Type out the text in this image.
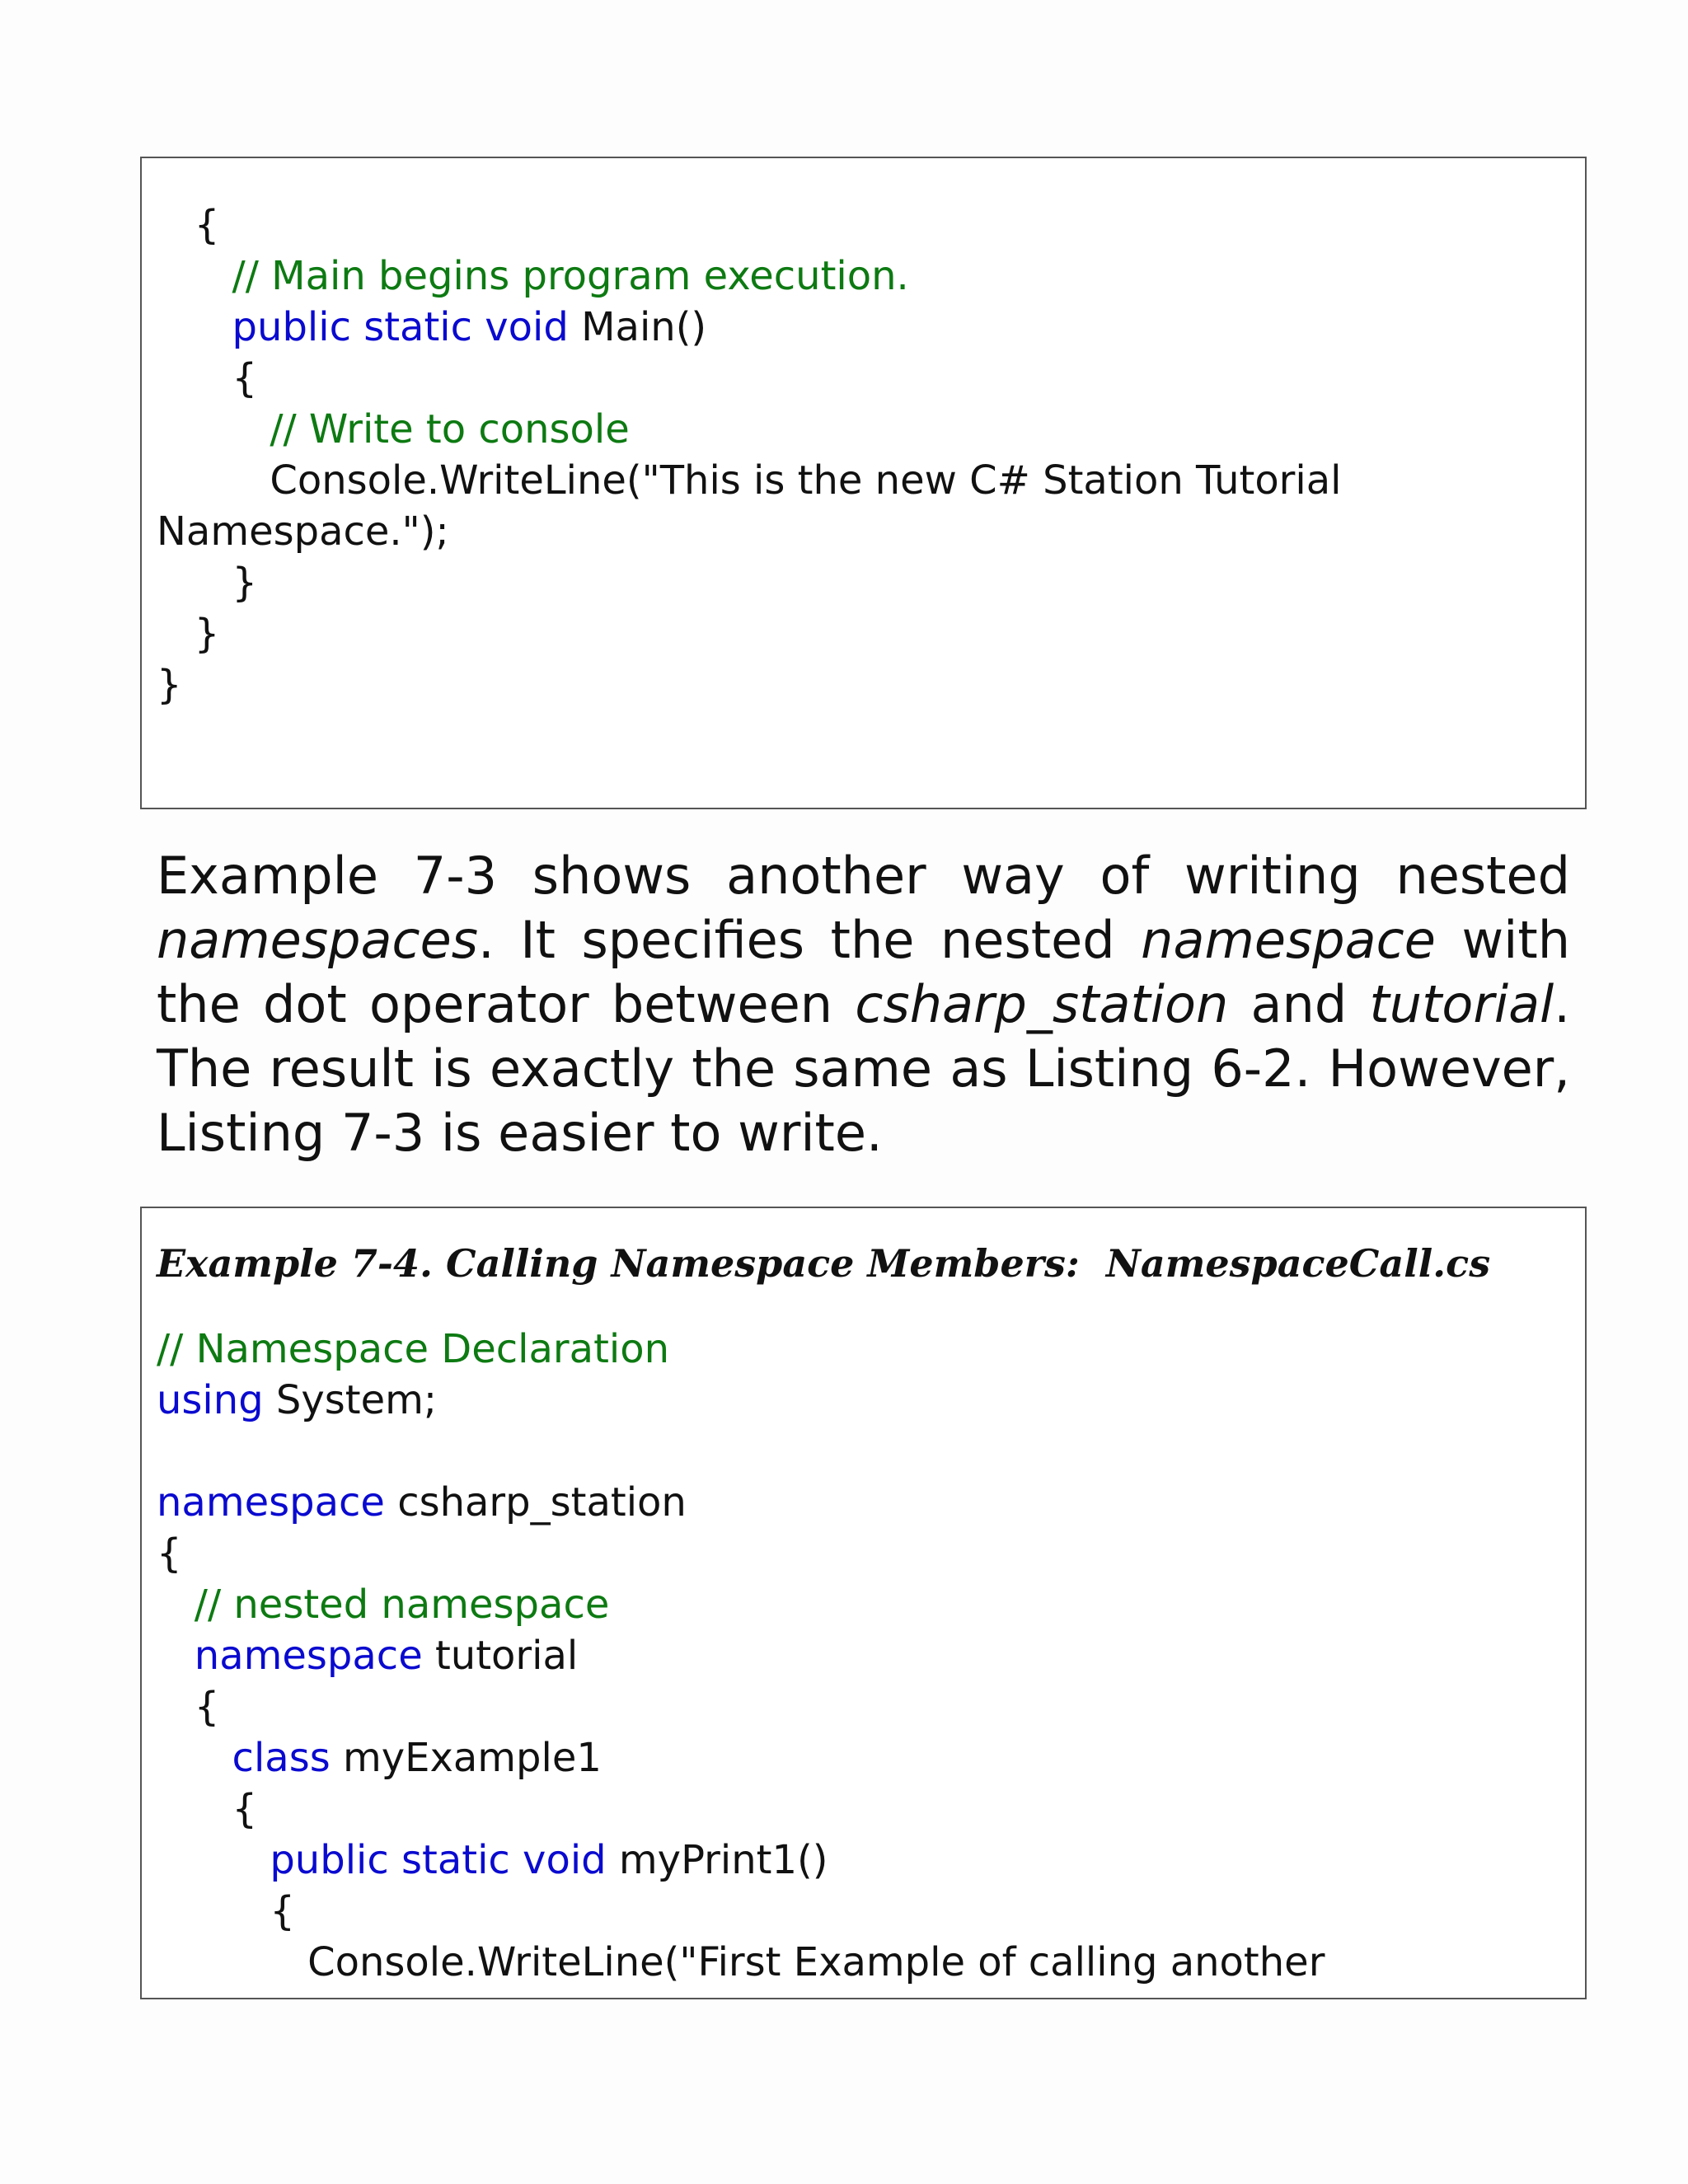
{
// Main begins program execution.
public static void Main()
{
// Write to console
Console.WriteLine("This is the new C# Station Tutorial
Namespace.");
}
}
}
Example 7-3 shows another way of writing nested namespaces. It specifies the nested namespace with the dot operator between csharp_station and tutorial. The result is exactly the same as Listing 6-2. However, Listing 7-3 is easier to write.
Example 7-4. Calling Namespace Members:  NamespaceCall.cs
// Namespace Declaration
using System;
namespace csharp_station
{
// nested namespace
namespace tutorial
{
class myExample1
{
public static void myPrint1()
{
Console.WriteLine("First Example of calling another
